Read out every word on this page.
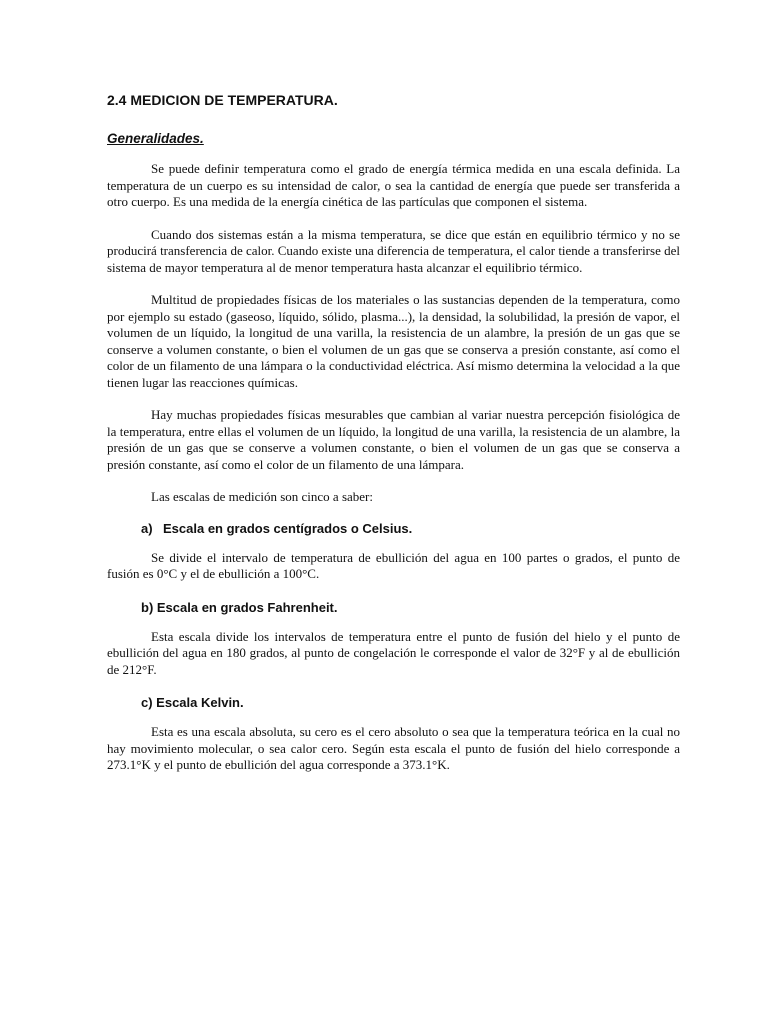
2.4 MEDICION DE TEMPERATURA.
Generalidades.

Se puede definir temperatura como el grado de energía térmica medida en una escala definida. La temperatura de un cuerpo es su intensidad de calor, o sea la cantidad de energía que puede ser transferida a otro cuerpo. Es una medida de la energía cinética de las partículas que componen el sistema.

Cuando dos sistemas están a la misma temperatura, se dice que están en equilibrio térmico y no se producirá transferencia de calor. Cuando existe una diferencia de temperatura, el calor tiende a transferirse del sistema de mayor temperatura al de menor temperatura hasta alcanzar el equilibrio térmico.

Multitud de propiedades físicas de los materiales o las sustancias dependen de la temperatura, como por ejemplo su estado (gaseoso, líquido, sólido, plasma...), la densidad, la solubilidad, la presión de vapor, el volumen de un líquido, la longitud de una varilla, la resistencia de un alambre, la presión de un gas que se conserve a volumen constante, o bien el volumen de un gas que se conserva a presión constante, así como el color de un filamento de una lámpara o la conductividad eléctrica. Así mismo determina la velocidad a la que tienen lugar las reacciones químicas.

Hay muchas propiedades físicas mesurables que cambian al variar nuestra percepción fisiológica de la temperatura, entre ellas el volumen de un líquido, la longitud de una varilla, la resistencia de un alambre, la presión de un gas que se conserve a volumen constante, o bien el volumen de un gas que se conserva a presión constante, así como el color de un filamento de una lámpara.

Las escalas de medición son cinco a saber:

a) Escala en grados centígrados o Celsius.

Se divide el intervalo de temperatura de ebullición del agua en 100 partes o grados, el punto de fusión es 0°C y el de ebullición a 100°C.

b) Escala en grados Fahrenheit.

Esta escala divide los intervalos de temperatura entre el punto de fusión del hielo y el punto de ebullición del agua en 180 grados, al punto de congelación le corresponde el valor de 32°F y al de ebullición de 212°F.

c) Escala Kelvin.

Esta es una escala absoluta, su cero es el cero absoluto o sea que la temperatura teórica en la cual no hay movimiento molecular, o sea calor cero. Según esta escala el punto de fusión del hielo corresponde a 273.1°K y el punto de ebullición del agua corresponde a 373.1°K.
